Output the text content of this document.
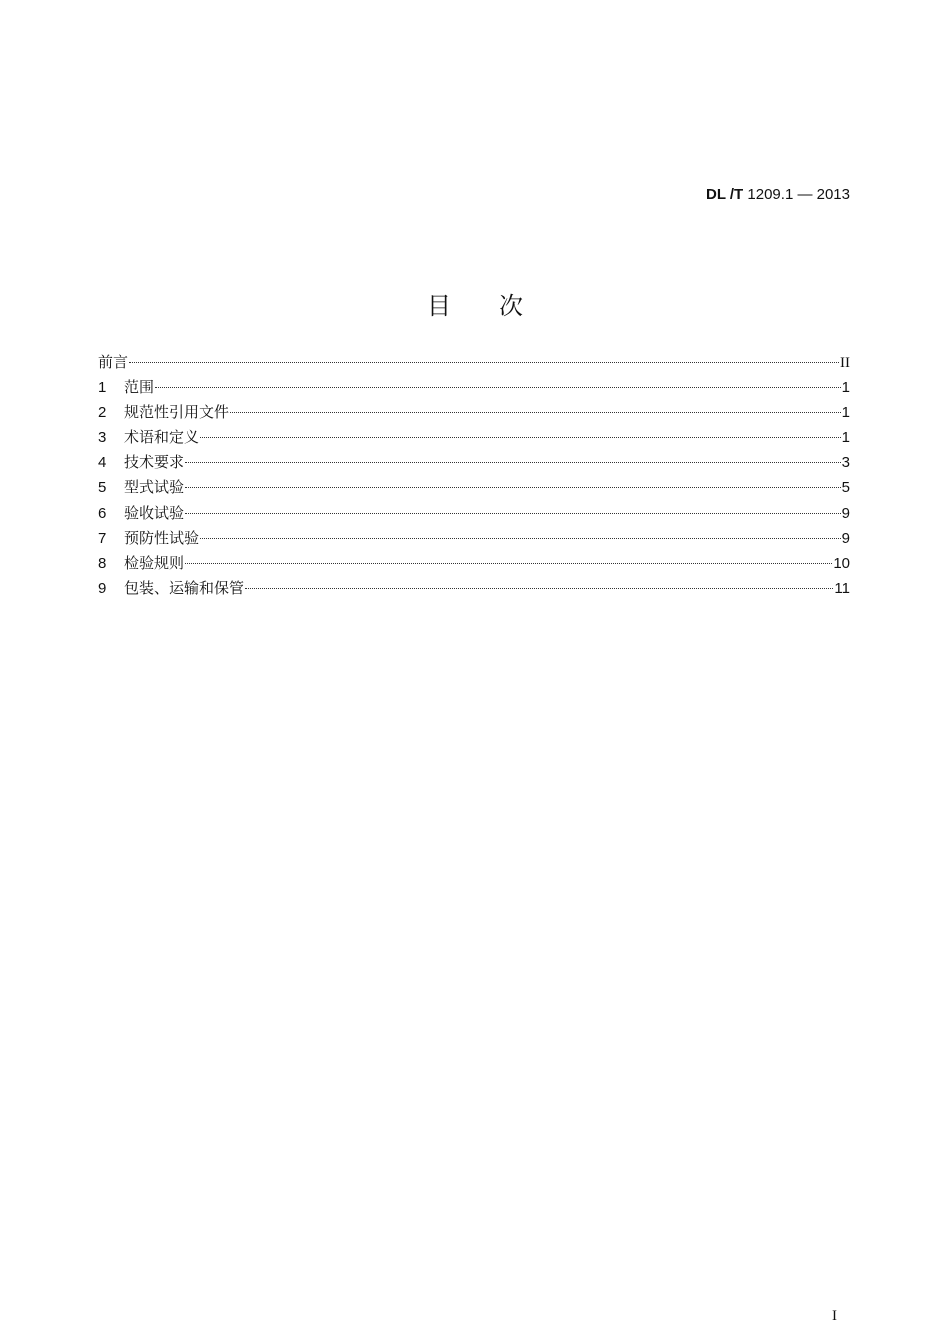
DL /T 1209.1 — 2013
目次
前言	II
1	范围	1
2	规范性引用文件	1
3	术语和定义	1
4	技术要求	3
5	型式试验	5
6	验收试验	9
7	预防性试验	9
8	检验规则	10
9	包装、运输和保管	11
I
